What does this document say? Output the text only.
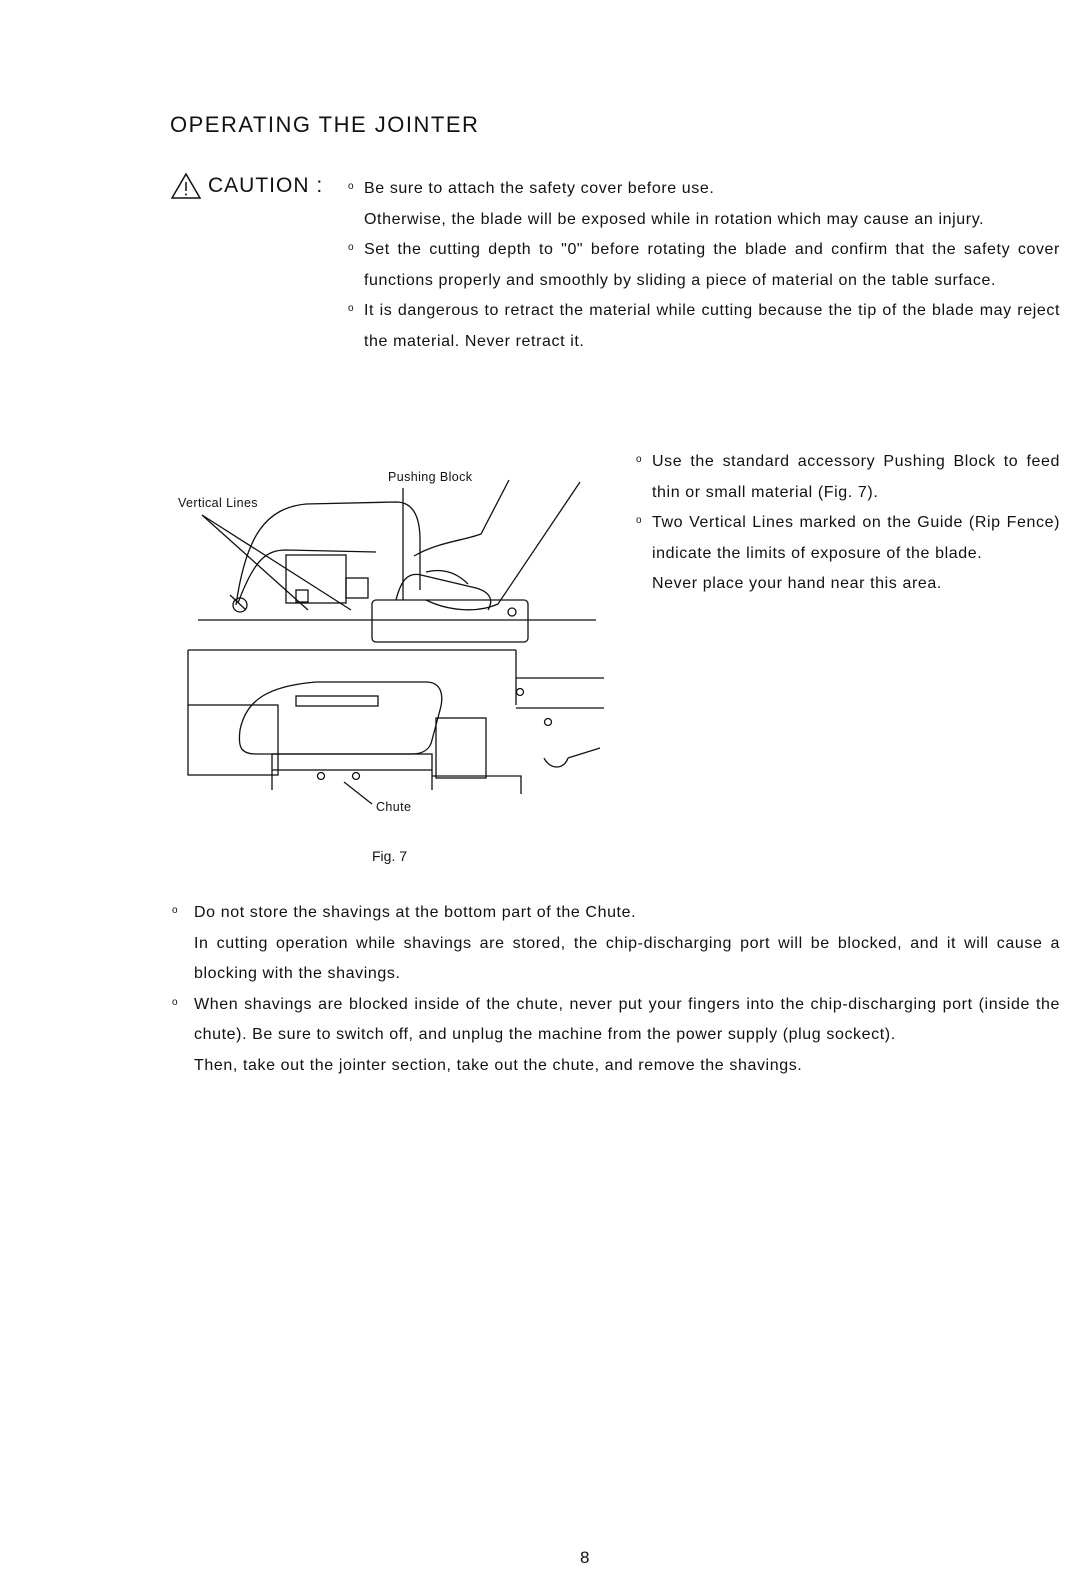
OPERATING THE JOINTER
CAUTION : o Be sure to attach the safety cover before use.

Otherwise, the blade will be exposed while in rotation which may cause an injury.

o Set the cutting depth to "0" before rotating the blade and confirm that the safety cover functions properly and smoothly by sliding a piece of material on the table surface.

o It is dangerous to retract the material while cutting because the tip of the blade may reject the material. Never retract it.

Pushing Block
Vertical Lines
Chute
Fig. 7
o Use the standard accessory Pushing Block to feed thin or small material (Fig. 7).

o Two Vertical Lines marked on the Guide (Rip Fence) indicate the limits of exposure of the blade.

Never place your hand near this area.

o Do not store the shavings at the bottom part of the Chute.

In cutting operation while shavings are stored, the chip-discharging port will be blocked, and it will cause a blocking with the shavings.

o When shavings are blocked inside of the chute, never put your fingers into the chip-discharging port (inside the chute). Be sure to switch off, and unplug the machine from the power supply (plug sockect).

Then, take out the jointer section, take out the chute, and remove the shavings.

8
